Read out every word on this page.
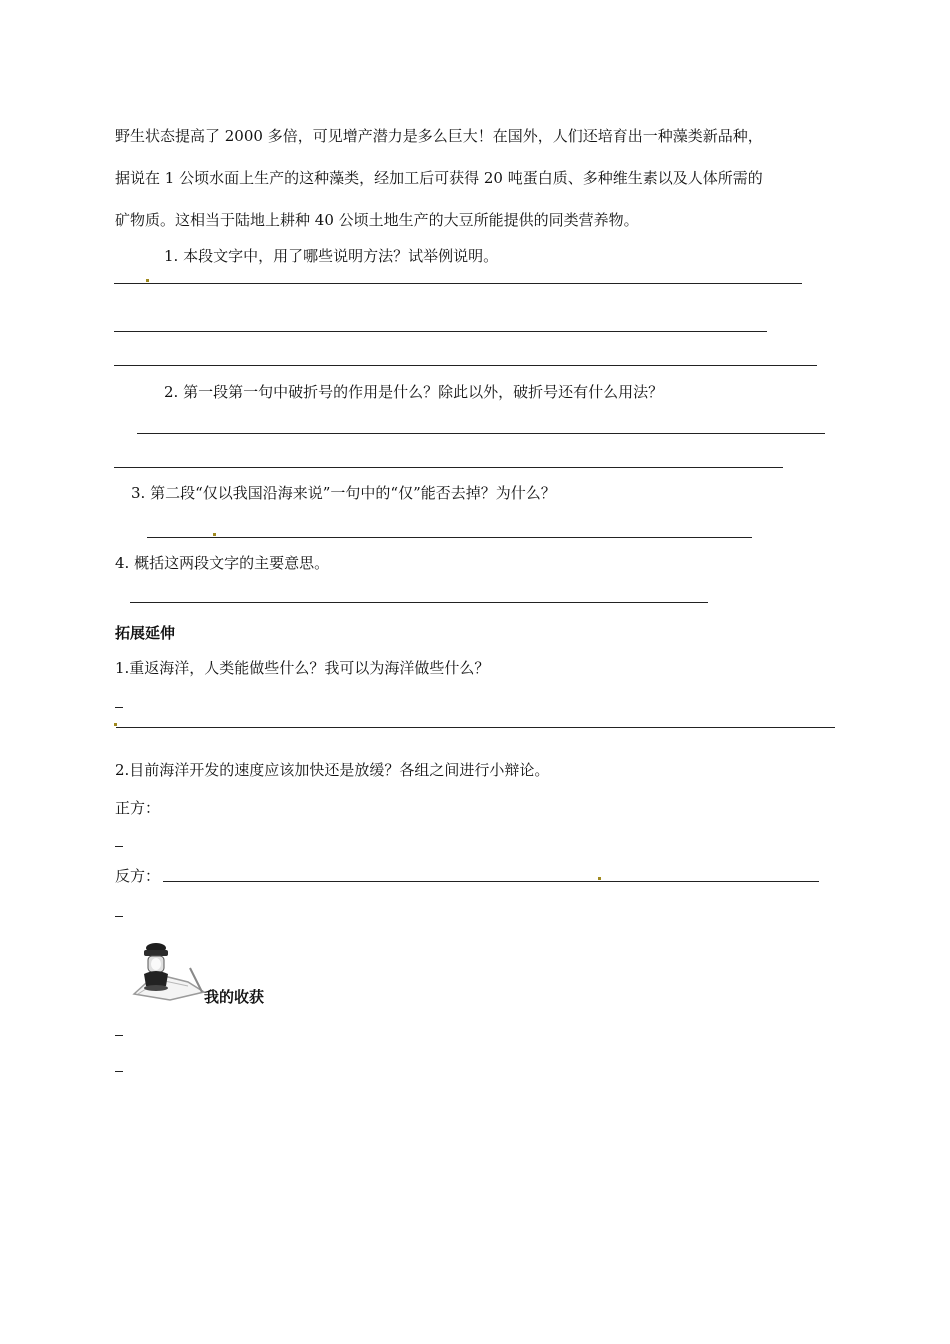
野生状态提高了 2000 多倍，可见增产潜力是多么巨大！在国外，人们还培育出一种藻类新品种，
据说在 1 公顷水面上生产的这种藻类，经加工后可获得 20 吨蛋白质、多种维生素以及人体所需的
矿物质。这相当于陆地上耕种 40 公顷土地生产的大豆所能提供的同类营养物。
1. 本段文字中，用了哪些说明方法？试举例说明。
2. 第一段第一句中破折号的作用是什么？除此以外，破折号还有什么用法？
3. 第二段“仅以我国沿海来说”一句中的“仅”能否去掉？为什么？
4. 概括这两段文字的主要意思。
拓展延伸
1.重返海洋，人类能做些什么？我可以为海洋做些什么？
2.目前海洋开发的速度应该加快还是放缓？各组之间进行小辩论。
正方：
反方：
我的收获
